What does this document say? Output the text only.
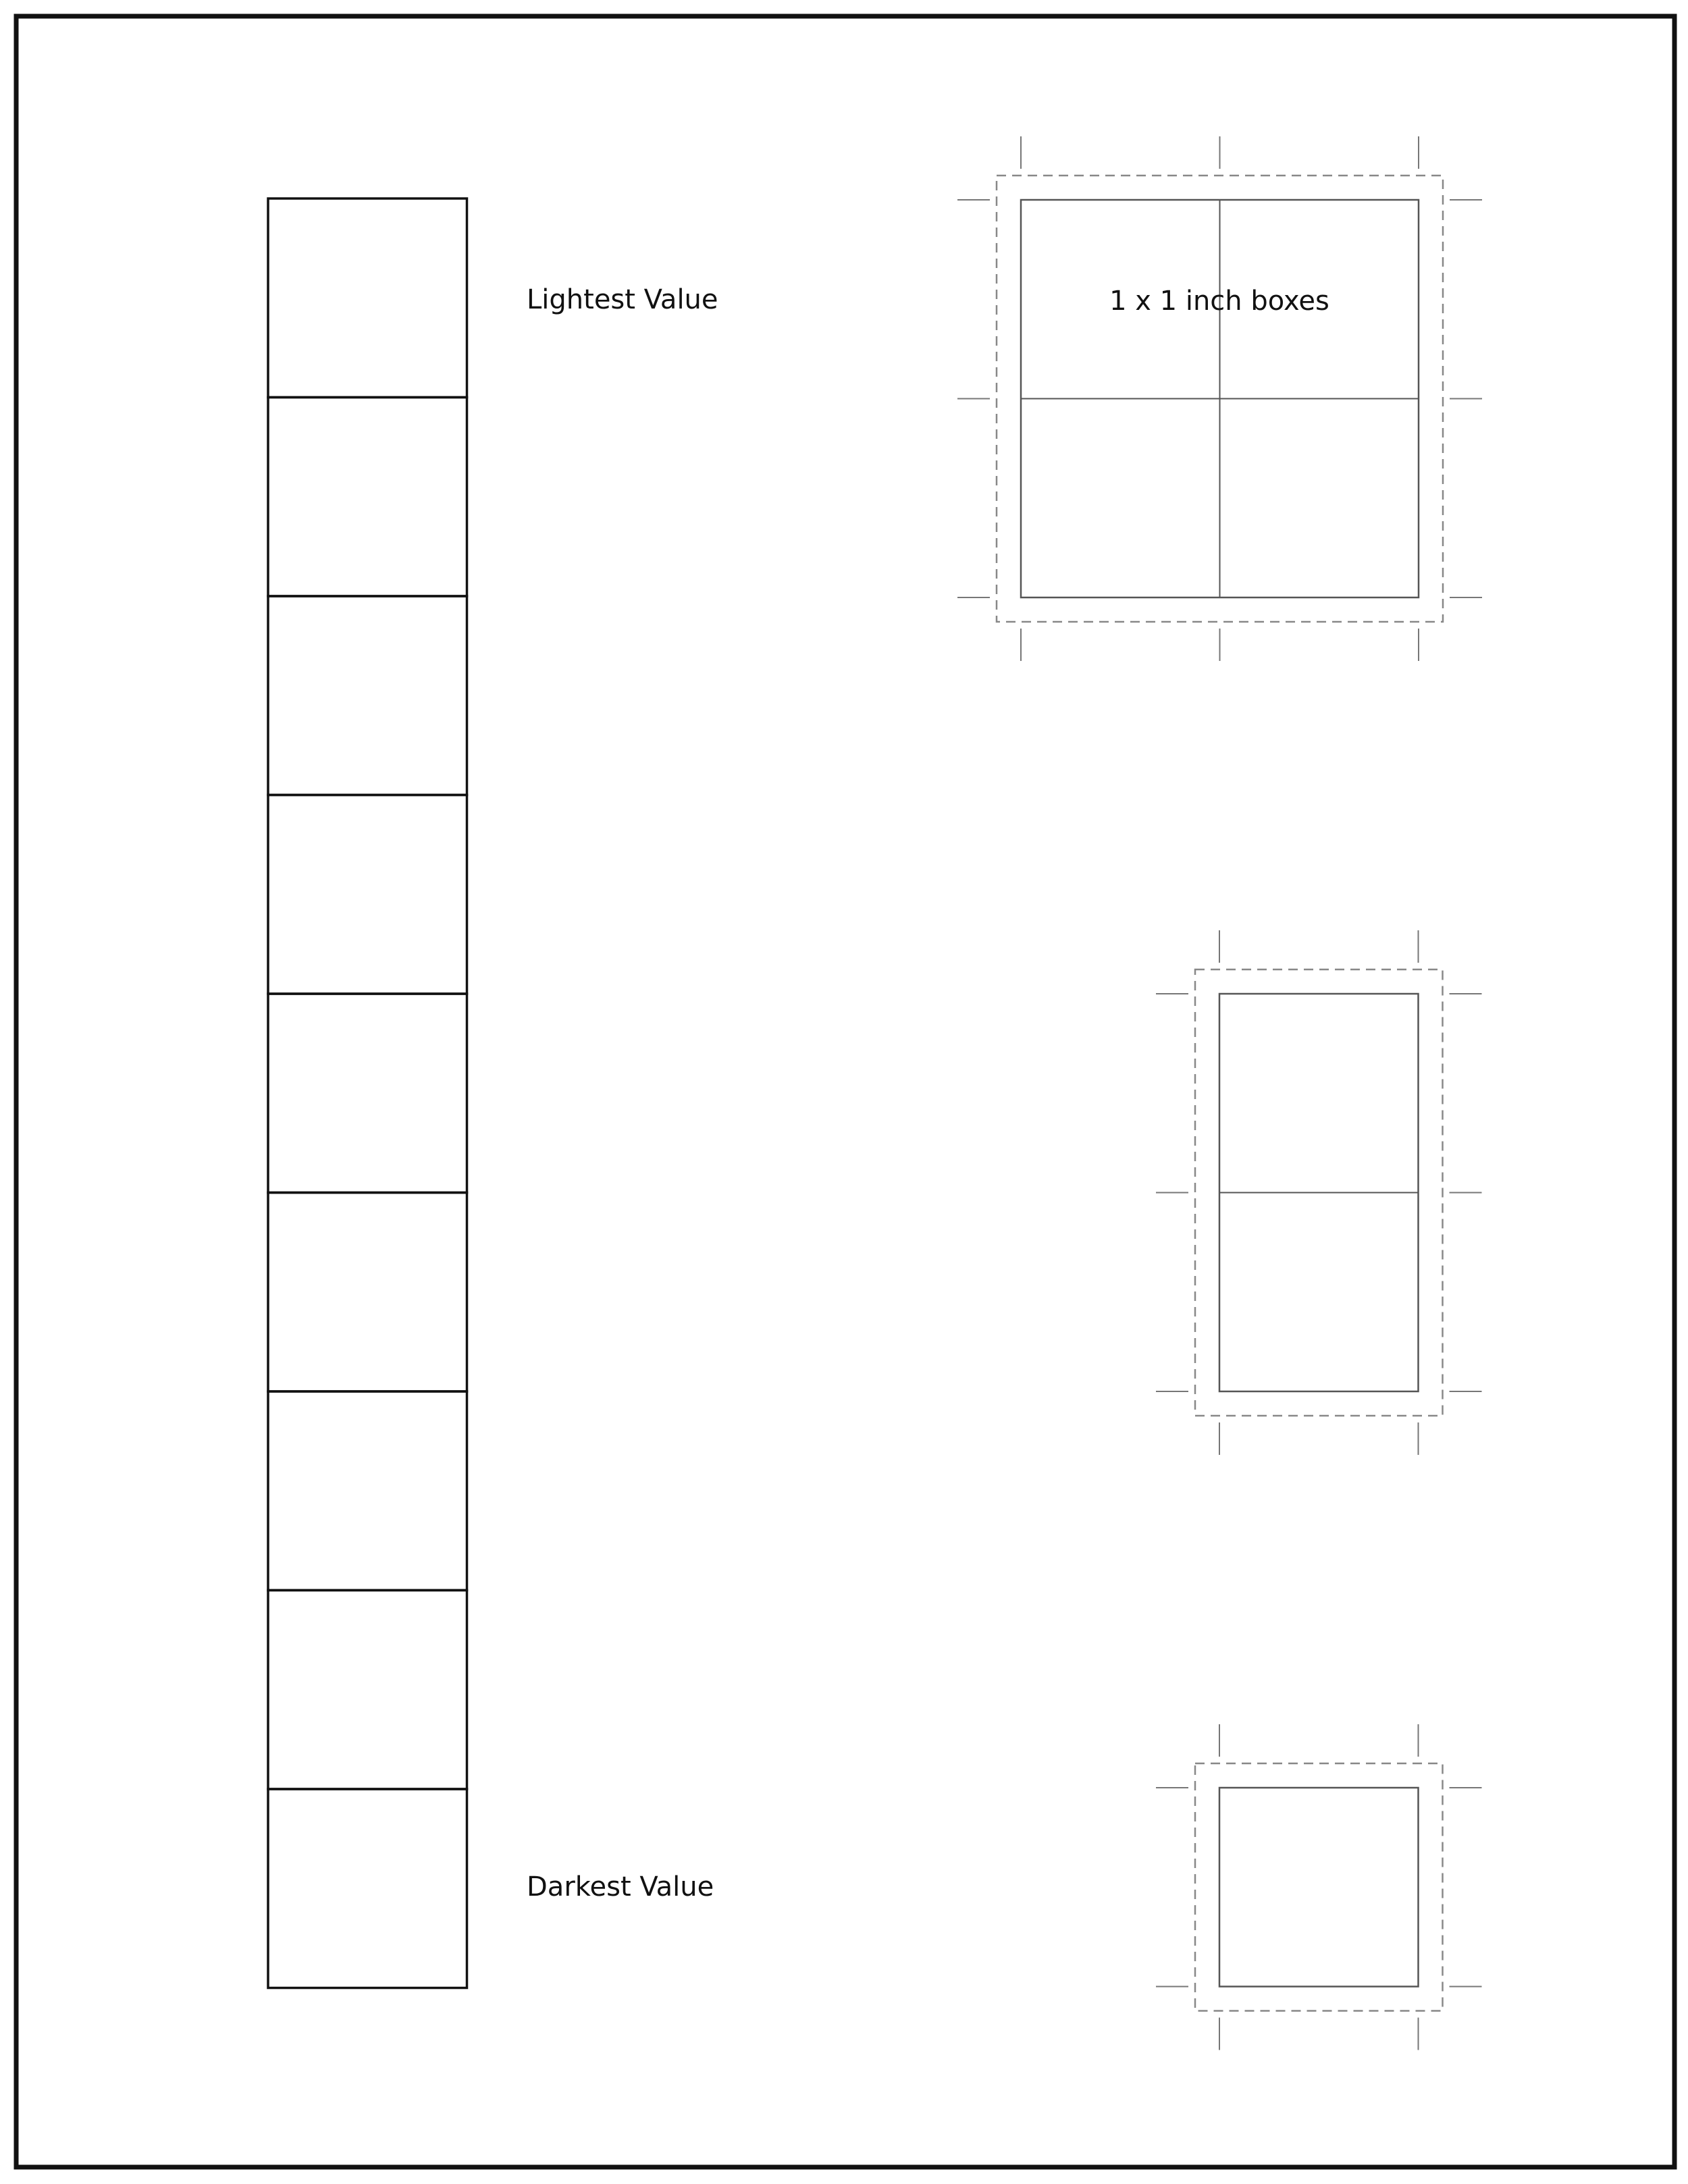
Lightest Value
Darkest Value
1 x 1 inch boxes
